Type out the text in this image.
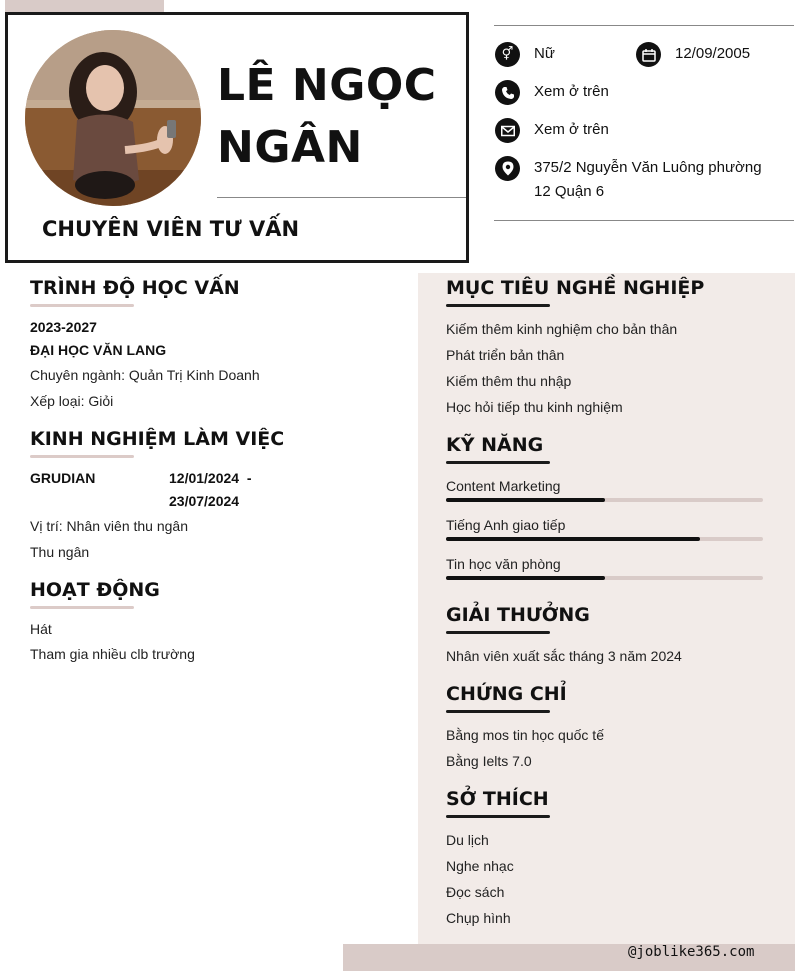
LÊ NGỌC
NGÂN
CHUYÊN VIÊN TƯ VẤN
⚥	Nữ	12/09/2005
Xem ở trên
Xem ở trên
375/2 Nguyễn Văn Luông phường
12 Quận 6
@joblike365.com
TRÌNH ĐỘ HỌC VẤN
2023-2027
ĐẠI HỌC VĂN LANG
Chuyên ngành: Quản Trị Kinh Doanh
Xếp loại: Giỏi
KINH NGHIỆM LÀM VIỆC
GRUDIAN	12/01/2024  -
23/07/2024
Vị trí: Nhân viên thu ngân
Thu ngân
HOẠT ĐỘNG
Hát
Tham gia nhiều clb trường
MỤC TIÊU NGHỀ NGHIỆP
Kiếm thêm kinh nghiệm cho bản thân
Phát triển bản thân
Kiếm thêm thu nhập
Học hỏi tiếp thu kinh nghiệm
KỸ NĂNG
Content Marketing
Tiếng Anh giao tiếp
Tin học văn phòng
GIẢI THƯỞNG
Nhân viên xuất sắc tháng 3 năm 2024
CHỨNG CHỈ
Bằng mos tin học quốc tế
Bằng Ielts 7.0
SỞ THÍCH
Du lịch
Nghe nhạc
Đọc sách
Chụp hình
